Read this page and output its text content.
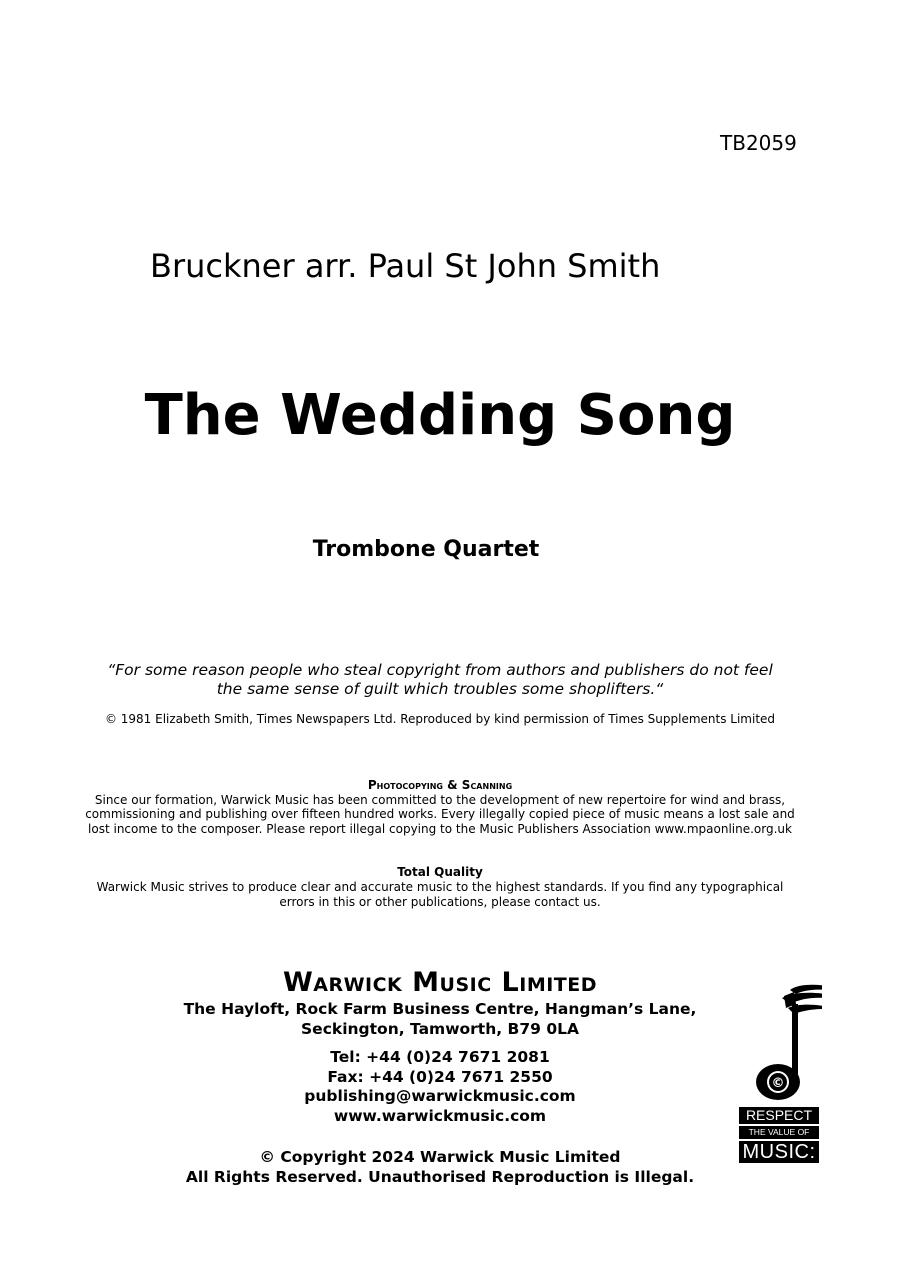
TB2059
Bruckner arr. Paul St John Smith
The Wedding Song
Trombone Quartet
“For some reason people who steal copyright from authors and publishers do not feel
the same sense of guilt which troubles some shoplifters.“
© 1981 Elizabeth Smith, Times Newspapers Ltd. Reproduced by kind permission of Times Supplements Limited
Photocopying & Scanning
Since our formation, Warwick Music has been committed to the development of new repertoire for wind and brass,
commissioning and publishing over fifteen hundred works. Every illegally copied piece of music means a lost sale and
lost income to the composer. Please report illegal copying to the Music Publishers Association www.mpaonline.org.uk
Total Quality
Warwick Music strives to produce clear and accurate music to the highest standards. If you find any typographical
errors in this or other publications, please contact us.
Warwick Music Limited
The Hayloft, Rock Farm Business Centre, Hangman’s Lane,
Seckington, Tamworth, B79 0LA
Tel: +44 (0)24 7671 2081
Fax: +44 (0)24 7671 2550
publishing@warwickmusic.com
www.warwickmusic.com
© Copyright 2024 Warwick Music Limited
All Rights Reserved. Unauthorised Reproduction is Illegal.
©
RESPECT
THE VALUE OF
MUSIC:
